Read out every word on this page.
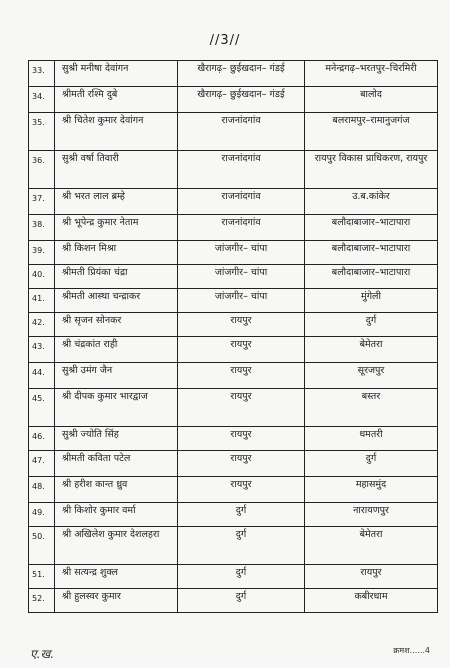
//3//
33.	सुश्री मनीषा देवांगन	खैरागढ़– छुईखदान– गंडई	मनेन्द्रगढ़–भरतपुर–चिरमिरी
34.	श्रीमती रश्मि दुबे	खैरागढ़– छुईखदान– गंडई	बालोद
35.	श्री चितेश कुमार देवांगन	राजनांदगांव	बलरामपुर–रामानुजगंज
36.	सुश्री वर्षा तिवारी	राजनांदगांव	रायपुर विकास प्राधिकरण, रायपुर
37.	श्री भरत लाल ब्रम्हे	राजनांदगांव	उ.ब.कांकेर
38.	श्री भूपेन्द्र कुमार नेताम	राजनांदगांव	बलौदाबाजार–भाटापारा
39.	श्री किशन मिश्रा	जांजगीर– चांपा	बलौदाबाजार–भाटापारा
40.	श्रीमती प्रियंका चंद्रा	जांजगीर– चांपा	बलौदाबाजार–भाटापारा
41.	श्रीमती आस्था चन्द्राकर	जांजगीर– चांपा	मुंगेली
42.	श्री सृजन सोनकर	रायपुर	दुर्ग
43.	श्री चंद्रकांत राही	रायपुर	बेमेतरा
44.	सुश्री उमंग जैन	रायपुर	सूरजपुर
45.	श्री दीपक कुमार भारद्वाज	रायपुर	बस्तर
46.	सुश्री ज्योति सिंह	रायपुर	धमतरी
47.	श्रीमती कविता पटेल	रायपुर	दुर्ग
48.	श्री हरीश कान्त ध्रुव	रायपुर	महासमुंद
49.	श्री किशोर कुमार वर्मा	दुर्ग	नारायणपुर
50.	श्री अखिलेश कुमार देशलहरा	दुर्ग	बेमेतरा
51.	श्री सत्यन्द्र शुक्ल	दुर्ग	रायपुर
52.	श्री हुलस्वर कुमार	दुर्ग	कबीरधाम
ए.ख.	क्रमश......4
